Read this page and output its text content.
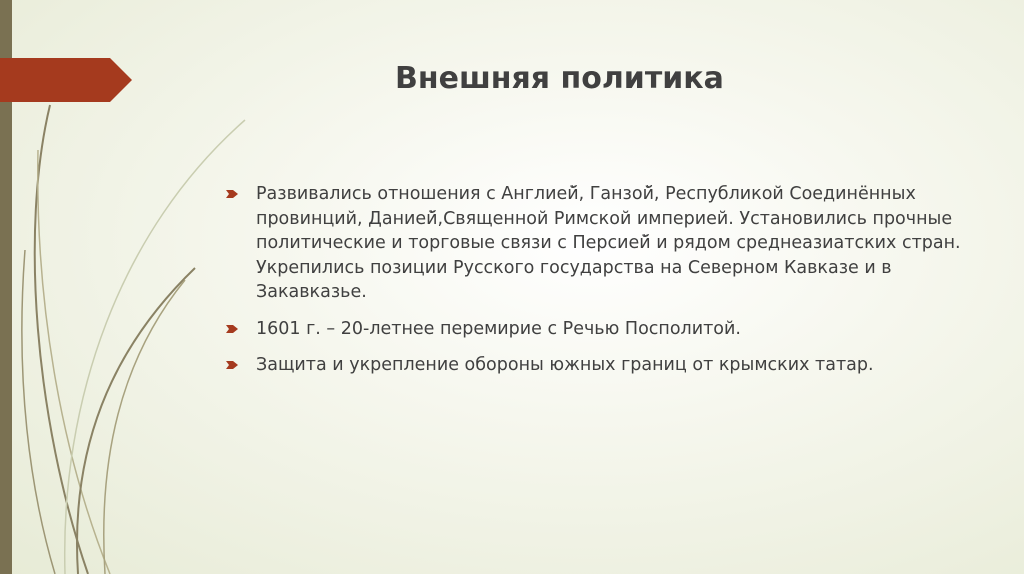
Внешняя политика
Развивались отношения с Англией̆, Ганзой̆, Республикой Соединённых провинций, Данией̆,Священной Римской империей. Установились прочные политические и торговые связи с Персией̆ и рядом среднеазиатских стран. Укрепились позиции Русского государства на Северном Кавказе и в Закавказье.
1601 г. – 20-летнее перемирие с Речью Посполитой.
Защита и укрепление обороны южных границ от крымских татар.
